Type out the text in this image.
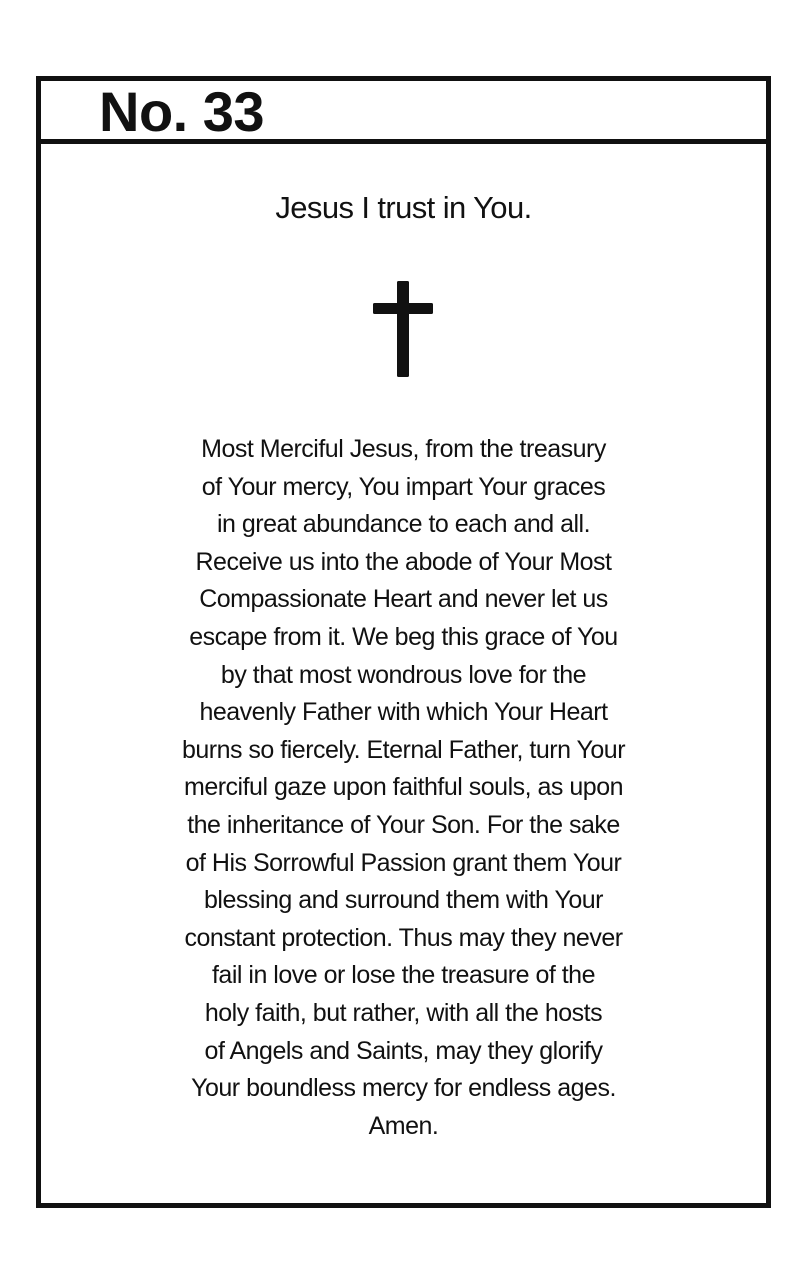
No. 33
Jesus I trust in You.
Most Merciful Jesus, from the treasury
of Your mercy, You impart Your graces
in great abundance to each and all.
Receive us into the abode of Your Most
Compassionate Heart and never let us
escape from it. We beg this grace of You
by that most wondrous love for the
heavenly Father with which Your Heart
burns so fiercely. Eternal Father, turn Your
merciful gaze upon faithful souls, as upon
the inheritance of Your Son. For the sake
of His Sorrowful Passion grant them Your
blessing and surround them with Your
constant protection. Thus may they never
fail in love or lose the treasure of the
holy faith, but rather, with all the hosts
of Angels and Saints, may they glorify
Your boundless mercy for endless ages.
Amen.
